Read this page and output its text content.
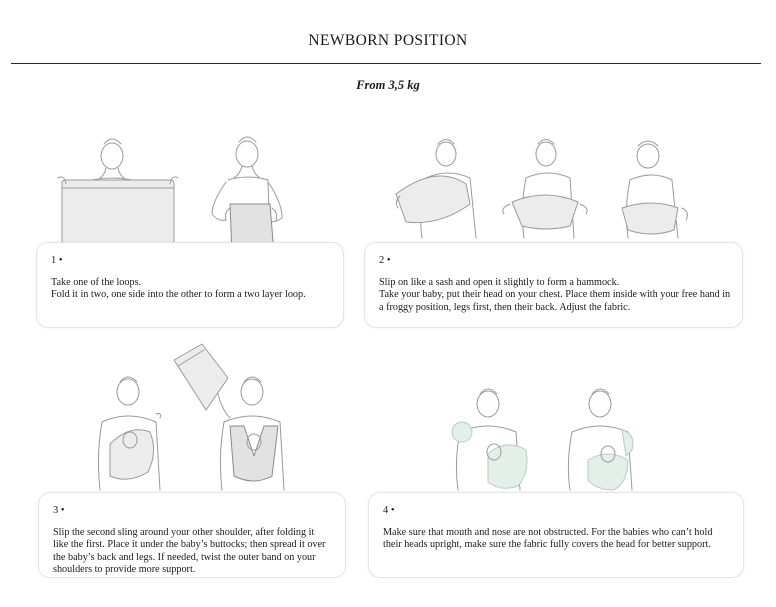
NEWBORN POSITION
From 3,5 kg
1 •
Take one of the loops.
Fold it in two, one side into the other to form a two layer loop.
2 •
Slip on like a sash and open it slightly to form a hammock.
Take your baby, put their head on your chest. Place them inside with your free hand in
a froggy position, legs first, then their back. Adjust the fabric.
3 •
Slip the second sling around your other shoulder, after folding it
like the first. Place it under the baby’s buttocks; then spread it over
the baby’s back and legs. If needed, twist the outer band on your
shoulders to provide more support.
4 •
Make sure that mouth and nose are not obstructed. For the babies who can’t hold
their heads upright, make sure the fabric fully covers the head for better support.
